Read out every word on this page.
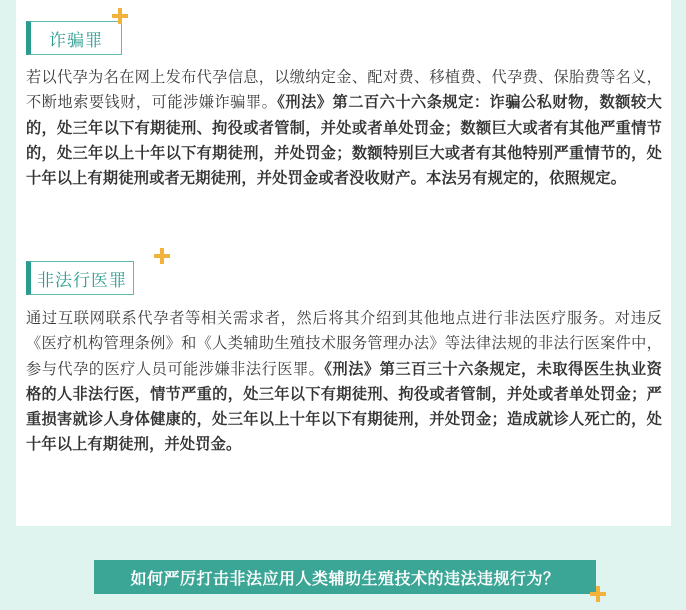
诈骗罪
若以代孕为名在网上发布代孕信息，以缴纳定金、配对费、移植费、代孕费、保胎费等名义，不断地索要钱财，可能涉嫌诈骗罪。《刑法》第二百六十六条规定：诈骗公私财物，数额较大的，处三年以下有期徒刑、拘役或者管制，并处或者单处罚金；数额巨大或者有其他严重情节的，处三年以上十年以下有期徒刑，并处罚金；数额特别巨大或者有其他特别严重情节的，处十年以上有期徒刑或者无期徒刑，并处罚金或者没收财产。本法另有规定的，依照规定。
非法行医罪
通过互联网联系代孕者等相关需求者，然后将其介绍到其他地点进行非法医疗服务。对违反《医疗机构管理条例》和《人类辅助生殖技术服务管理办法》等法律法规的非法行医案件中，参与代孕的医疗人员可能涉嫌非法行医罪。《刑法》第三百三十六条规定，未取得医生执业资格的人非法行医，情节严重的，处三年以下有期徒刑、拘役或者管制，并处或者单处罚金；严重损害就诊人身体健康的，处三年以上十年以下有期徒刑，并处罚金；造成就诊人死亡的，处十年以上有期徒刑，并处罚金。
如何严厉打击非法应用人类辅助生殖技术的违法违规行为？
